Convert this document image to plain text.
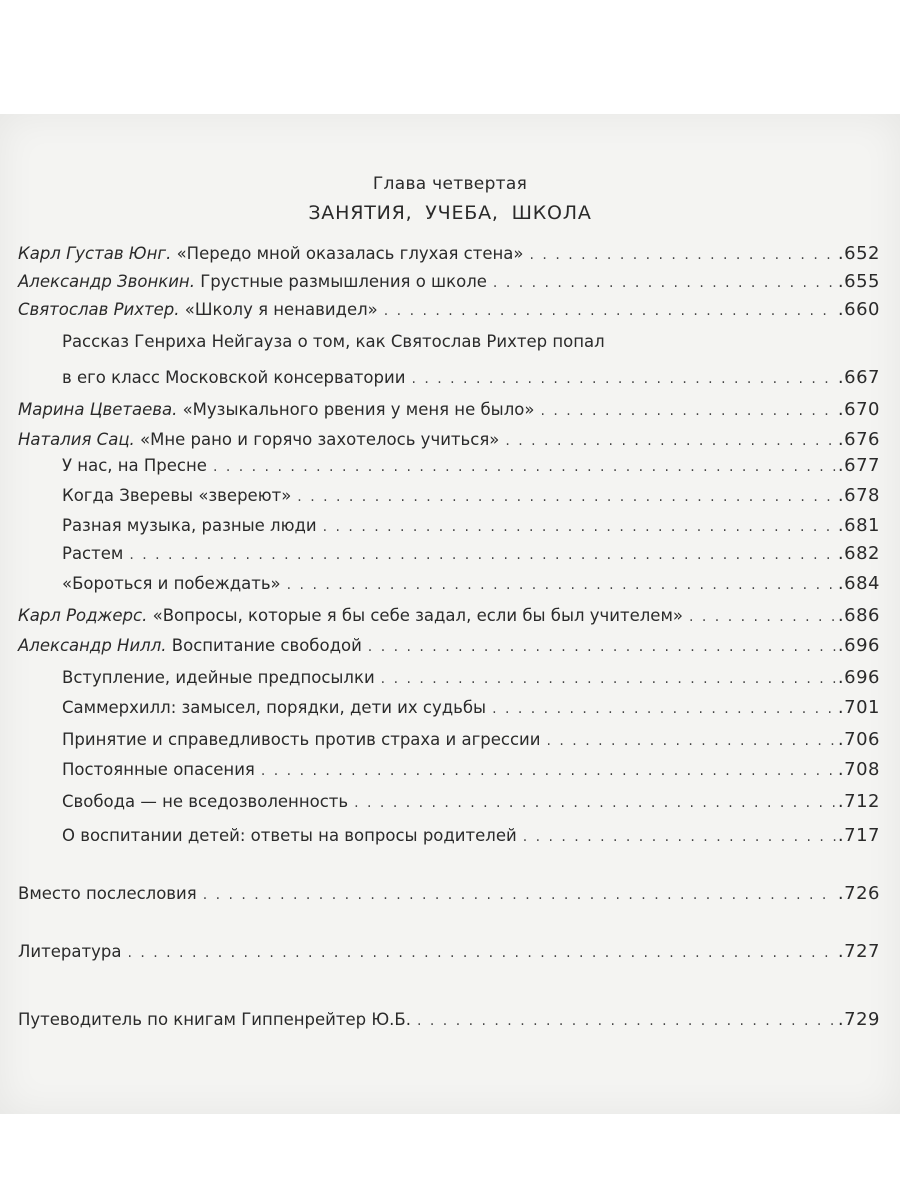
Глава четвертая
ЗАНЯТИЯ, УЧЕБА, ШКОЛА
Карл Густав Юнг. «Передо мной оказалась глухая стена» . . .	.652
Александр Звонкин. Грустные размышления о школе . . .	.655
Святослав Рихтер. «Школу я ненавидел» . . .	.660
Рассказ Генриха Нейгауза о том, как Святослав Рихтер попал
в его класс Московской консерватории . . .	.667
Марина Цветаева. «Музыкального рвения у меня не было» . . .	.670
Наталия Сац. «Мне рано и горячо захотелось учиться» . . .	.676
У нас, на Пресне . . .	.677
Когда Зверевы «звереют» . . .	.678
Разная музыка, разные люди . . .	.681
Растем . . .	.682
«Бороться и побеждать» . . .	.684
Карл Роджерс. «Вопросы, которые я бы себе задал, если бы был учителем» . . .	.686
Александр Нилл. Воспитание свободой . . .	.696
Вступление, идейные предпосылки . . .	.696
Саммерхилл: замысел, порядки, дети их судьбы . . .	.701
Принятие и справедливость против страха и агрессии . . .	.706
Постоянные опасения . . .	.708
Свобода — не вседозволенность . . .	.712
О воспитании детей: ответы на вопросы родителей . . .	.717
Вместо послесловия . . .	.726
Литература . . .	.727
Путеводитель по книгам Гиппенрейтер Ю.Б. . . .	.729
